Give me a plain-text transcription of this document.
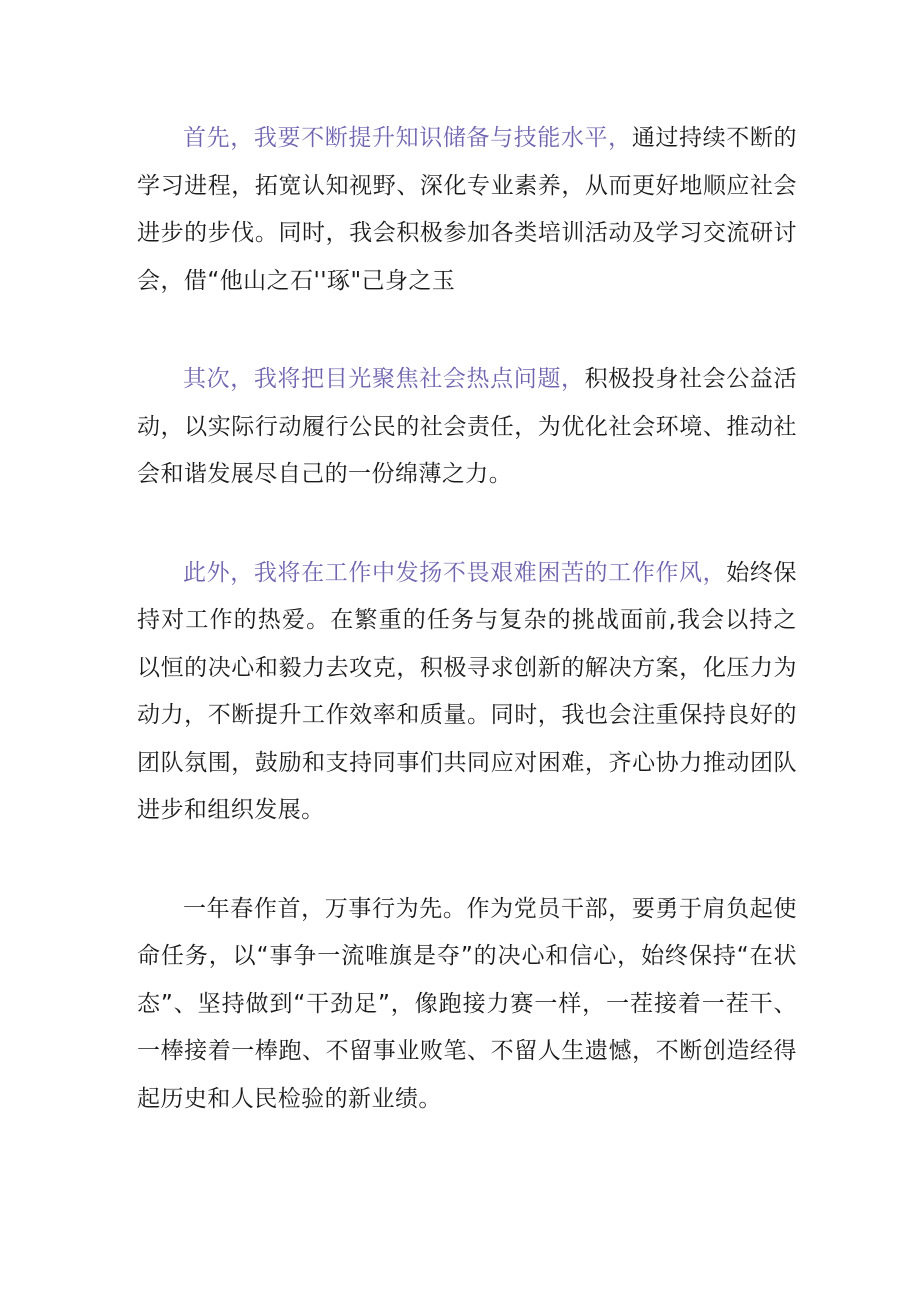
首先，我要不断提升知识储备与技能水平，通过持续不断的学习进程，拓宽认知视野、深化专业素养，从而更好地顺应社会进步的步伐。同时，我会积极参加各类培训活动及学习交流研讨会，借“他山之石''琢"己身之玉

其次，我将把目光聚焦社会热点问题，积极投身社会公益活动，以实际行动履行公民的社会责任，为优化社会环境、推动社会和谐发展尽自己的一份绵薄之力。

此外，我将在工作中发扬不畏艰难困苦的工作作风，始终保持对工作的热爱。在繁重的任务与复杂的挑战面前,我会以持之以恒的决心和毅力去攻克，积极寻求创新的解决方案，化压力为动力，不断提升工作效率和质量。同时，我也会注重保持良好的团队氛围，鼓励和支持同事们共同应对困难，齐心协力推动团队进步和组织发展。

一年春作首，万事行为先。作为党员干部，要勇于肩负起使命任务，以“事争一流唯旗是夺”的决心和信心，始终保持“在状态”、坚持做到“干劲足”，像跑接力赛一样，一茬接着一茬干、一棒接着一棒跑、不留事业败笔、不留人生遗憾，不断创造经得起历史和人民检验的新业绩。
